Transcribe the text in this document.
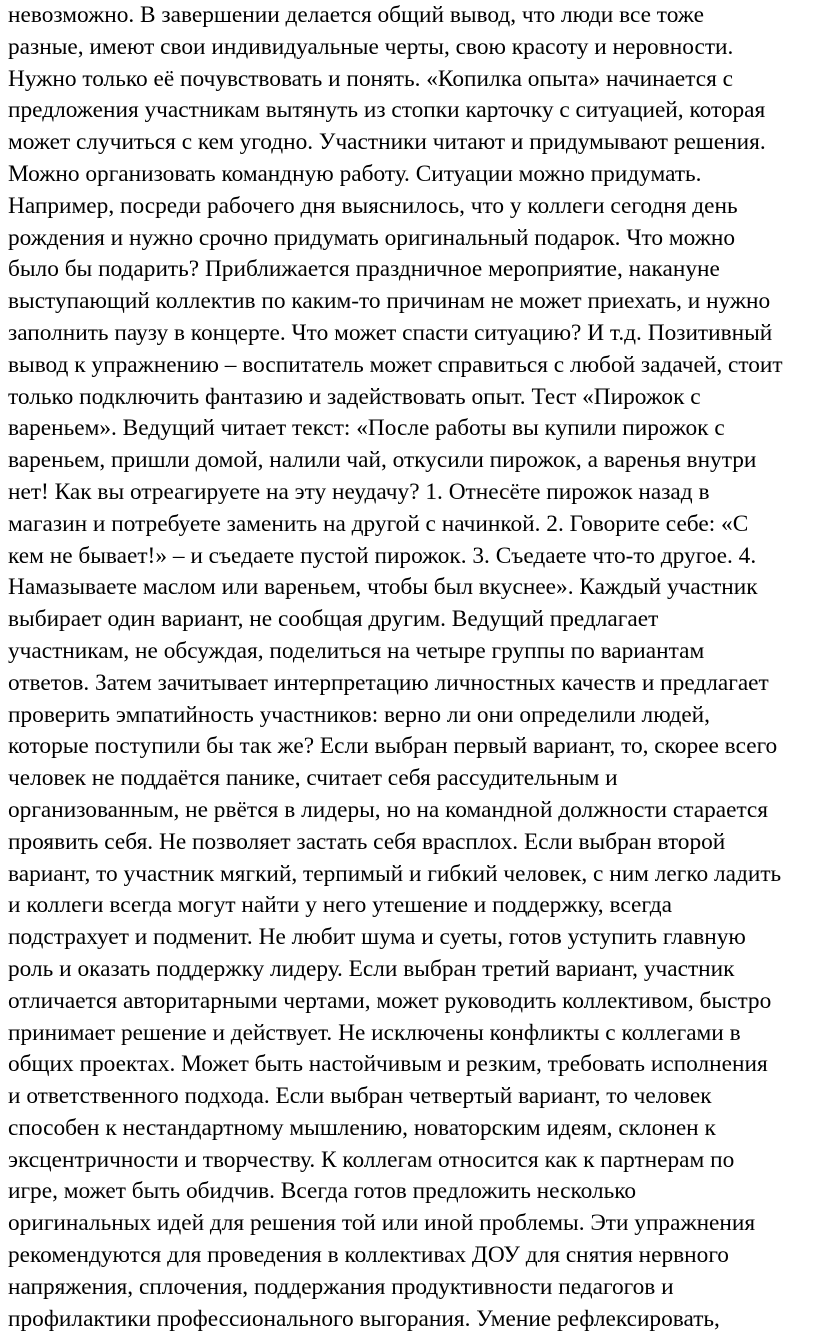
невозможно. В завершении делается общий вывод, что люди все тоже
разные, имеют свои индивидуальные черты, свою красоту и неровности.
Нужно только её почувствовать и понять. «Копилка опыта» начинается с
предложения участникам вытянуть из стопки карточку с ситуацией, которая
может случиться с кем угодно. Участники читают и придумывают решения.
Можно организовать командную работу. Ситуации можно придумать.
Например, посреди рабочего дня выяснилось, что у коллеги сегодня день
рождения и нужно срочно придумать оригинальный подарок. Что можно
было бы подарить? Приближается праздничное мероприятие, накануне
выступающий коллектив по каким-то причинам не может приехать, и нужно
заполнить паузу в концерте. Что может спасти ситуацию? И т.д. Позитивный
вывод к упражнению – воспитатель может справиться с любой задачей, стоит
только подключить фантазию и задействовать опыт. Тест «Пирожок с
вареньем». Ведущий читает текст: «После работы вы купили пирожок с
вареньем, пришли домой, налили чай, откусили пирожок, а варенья внутри
нет! Как вы отреагируете на эту неудачу? 1. Отнесёте пирожок назад в
магазин и потребуете заменить на другой с начинкой. 2. Говорите себе: «С
кем не бывает!» – и съедаете пустой пирожок. 3. Съедаете что-то другое. 4.
Намазываете маслом или вареньем, чтобы был вкуснее». Каждый участник
выбирает один вариант, не сообщая другим. Ведущий предлагает
участникам, не обсуждая, поделиться на четыре группы по вариантам
ответов. Затем зачитывает интерпретацию личностных качеств и предлагает
проверить эмпатийность участников: верно ли они определили людей,
которые поступили бы так же? Если выбран первый вариант, то, скорее всего
человек не поддаётся панике, считает себя рассудительным и
организованным, не рвётся в лидеры, но на командной должности старается
проявить себя. Не позволяет застать себя врасплох. Если выбран второй
вариант, то участник мягкий, терпимый и гибкий человек, с ним легко ладить
и коллеги всегда могут найти у него утешение и поддержку, всегда
подстрахует и подменит. Не любит шума и суеты, готов уступить главную
роль и оказать поддержку лидеру. Если выбран третий вариант, участник
отличается авторитарными чертами, может руководить коллективом, быстро
принимает решение и действует. Не исключены конфликты с коллегами в
общих проектах. Может быть настойчивым и резким, требовать исполнения
и ответственного подхода. Если выбран четвертый вариант, то человек
способен к нестандартному мышлению, новаторским идеям, склонен к
эксцентричности и творчеству. К коллегам относится как к партнерам по
игре, может быть обидчив. Всегда готов предложить несколько
оригинальных идей для решения той или иной проблемы. Эти упражнения
рекомендуются для проведения в коллективах ДОУ для снятия нервного
напряжения, сплочения, поддержания продуктивности педагогов и
профилактики профессионального выгорания. Умение рефлексировать,
